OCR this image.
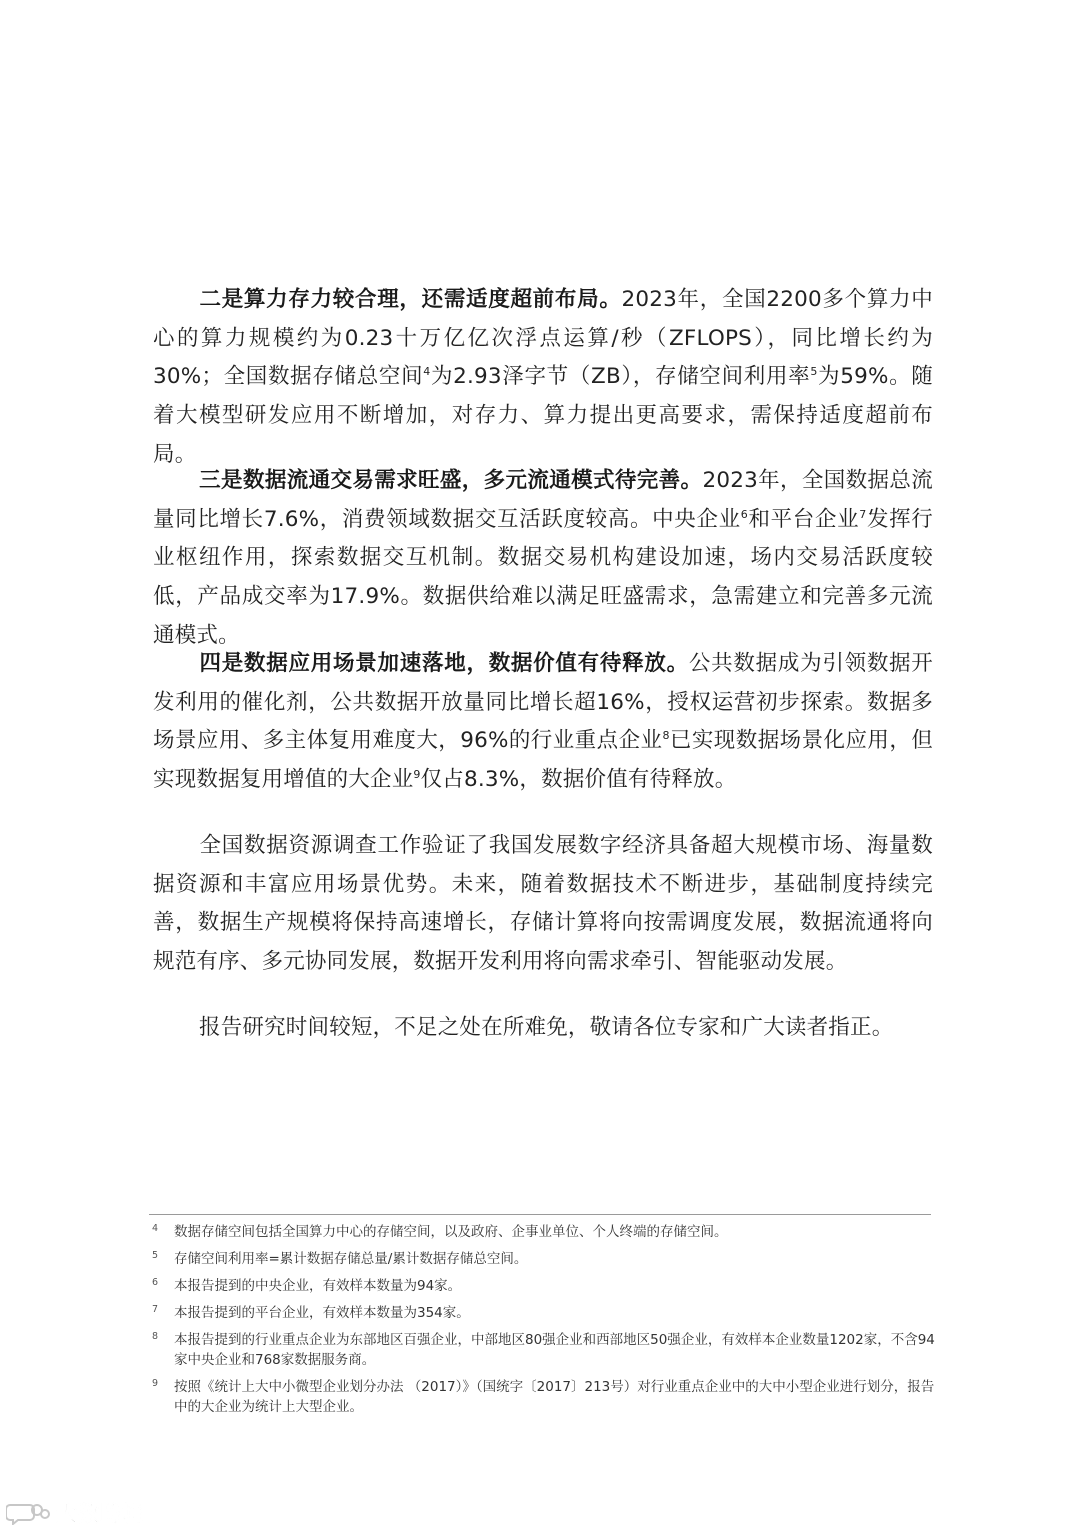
二是算力存力较合理，还需适度超前布局。2023年，全国2200多个算力中心的算力规模约为0.23十万亿亿次浮点运算/秒（ZFLOPS），同比增长约为30%；全国数据存储总空间$^4$为2.93泽字节（ZB），存储空间利用率$^5$为59%。随着大模型研发应用不断增加，对存力、算力提出更高要求，需保持适度超前布局。

三是数据流通交易需求旺盛，多元流通模式待完善。2023年，全国数据总流量同比增长7.6%，消费领域数据交互活跃度较高。中央企业$^6$和平台企业$^7$发挥行业枢纽作用，探索数据交互机制。数据交易机构建设加速，场内交易活跃度较低，产品成交率为17.9%。数据供给难以满足旺盛需求，急需建立和完善多元流通模式。

四是数据应用场景加速落地，数据价值有待释放。公共数据成为引领数据开发利用的催化剂，公共数据开放量同比增长超16%，授权运营初步探索。数据多场景应用、多主体复用难度大，96%的行业重点企业$^8$已实现数据场景化应用，但实现数据复用增值的大企业$^9$仅占8.3%，数据价值有待释放。

全国数据资源调查工作验证了我国发展数字经济具备超大规模市场、海量数据资源和丰富应用场景优势。未来，随着数据技术不断进步，基础制度持续完善，数据生产规模将保持高速增长，存储计算将向按需调度发展，数据流通将向规范有序、多元协同发展，数据开发利用将向需求牵引、智能驱动发展。

报告研究时间较短，不足之处在所难免，敬请各位专家和广大读者指正。

4 数据存储空间包括全国算力中心的存储空间，以及政府、企事业单位、个人终端的存储空间。
5 存储空间利用率=累计数据存储总量/累计数据存储总空间。
6 本报告提到的中央企业，有效样本数量为94家。
7 本报告提到的平台企业，有效样本数量为354家。
8 本报告提到的行业重点企业为东部地区百强企业，中部地区80强企业和西部地区50强企业，有效样本企业数量1202家，不含94家中央企业和768家数据服务商。
9 按照《统计上大中小微型企业划分办法 （2017）》（国统字〔2017〕213号）对行业重点企业中的大中小型企业进行划分，报告中的大企业为统计上大型企业。
大数跨境
